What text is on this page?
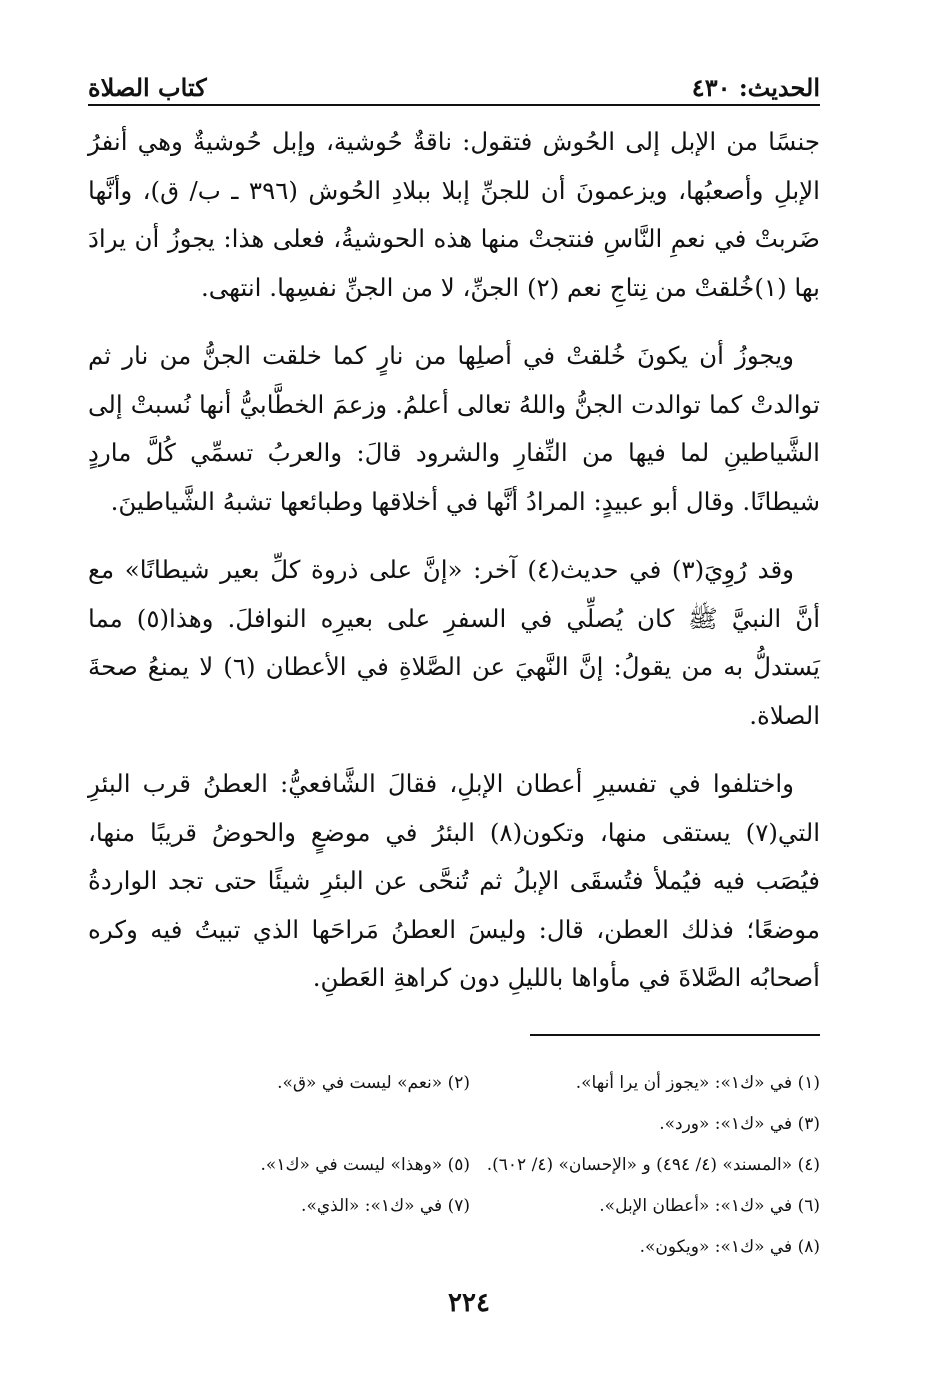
الحديث: ٤٣٠
كتاب الصلاة

جنسًا من الإبل إلى الحُوش فتقول: ناقةٌ حُوشية، وإبل حُوشيةٌ وهي أنفرُ الإبلِ وأصعبُها، ويزعمونَ أن للجنِّ إبلا ببلادِ الحُوش (٣٩٦ ـ ب/ ق)، وأنَّها ضَربتْ في نعمِ النَّاسِ فنتجتْ منها هذه الحوشيةُ، فعلى هذا: يجوزُ أن يرادَ بها (١)خُلقتْ من نِتاجِ نعم (٢) الجنِّ، لا من الجنِّ نفسِها. انتهى.

ويجوزُ أن يكونَ خُلقتْ في أصلِها من نارٍ كما خلقت الجنُّ من نار ثم توالدتْ كما توالدت الجنُّ واللهُ تعالى أعلمُ. وزعمَ الخطَّابيُّ أنها نُسبتْ إلى الشَّياطينِ لما فيها من النِّفارِ والشرود قالَ: والعربُ تسمِّي كُلَّ ماردٍ شيطانًا. وقال أبو عبيدٍ: المرادُ أنَّها في أخلاقها وطبائعها تشبهُ الشَّياطينَ.

وقد رُوِيَ(٣) في حديث(٤) آخر: «إنَّ على ذروة كلِّ بعير شيطانًا» مع أنَّ النبيَّ ﷺ كان يُصلِّي في السفرِ على بعيرِه النوافلَ. وهذا(٥) مما يَستدلُّ به من يقولُ: إنَّ النَّهيَ عن الصَّلاةِ في الأعطان (٦) لا يمنعُ صحةَ الصلاة.

واختلفوا في تفسيرِ أعطان الإبلِ، فقالَ الشَّافعيُّ: العطنُ قرب البئرِ التي(٧) يستقى منها، وتكون(٨) البئرُ في موضعٍ والحوضُ قريبًا منها، فيُصَب فيه فيُملأ فتُسقَى الإبلُ ثم تُنحَّى عن البئرِ شيئًا حتى تجد الواردةُ موضعًا؛ فذلك العطن، قال: وليسَ العطنُ مَراحَها الذي تبيتُ فيه وكره أصحابُه الصَّلاةَ في مأواها بالليلِ دون كراهةِ العَطنِ.

(١) في «ك١»: «يجوز أن يرا أنها».
(٢) «نعم» ليست في «ق».
(٣) في «ك١»: «ورد».
(٤) «المسند» (٤/ ٤٩٤) و «الإحسان» (٤/ ٦٠٢).
(٥) «وهذا» ليست في «ك١».
(٦) في «ك١»: «أعطان الإبل».
(٧) في «ك١»: «الذي».
(٨) في «ك١»: «ويكون».
٢٢٤
